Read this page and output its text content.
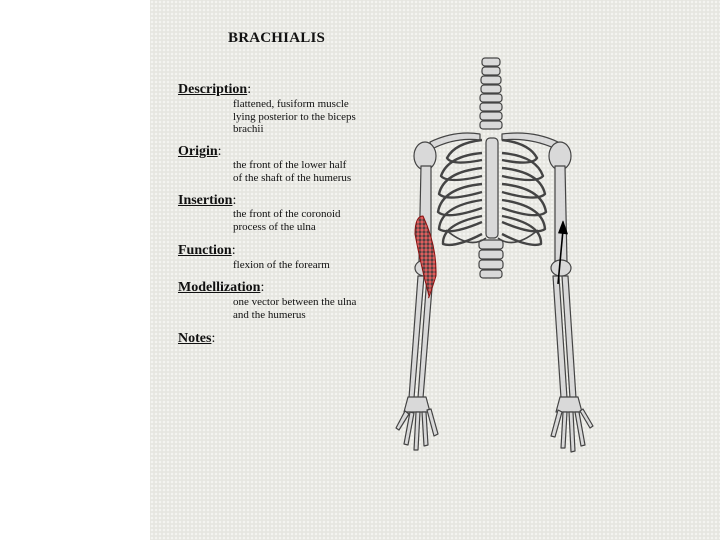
BRACHIALIS
Description:
flattened, fusiform muscle
lying posterior to the biceps
brachii
Origin:
the front of the lower half
of the shaft of the humerus
Insertion:
the front of the coronoid
process of the ulna
Function:
flexion of the forearm
Modellization:
one vector between the ulna
and the humerus
Notes:
